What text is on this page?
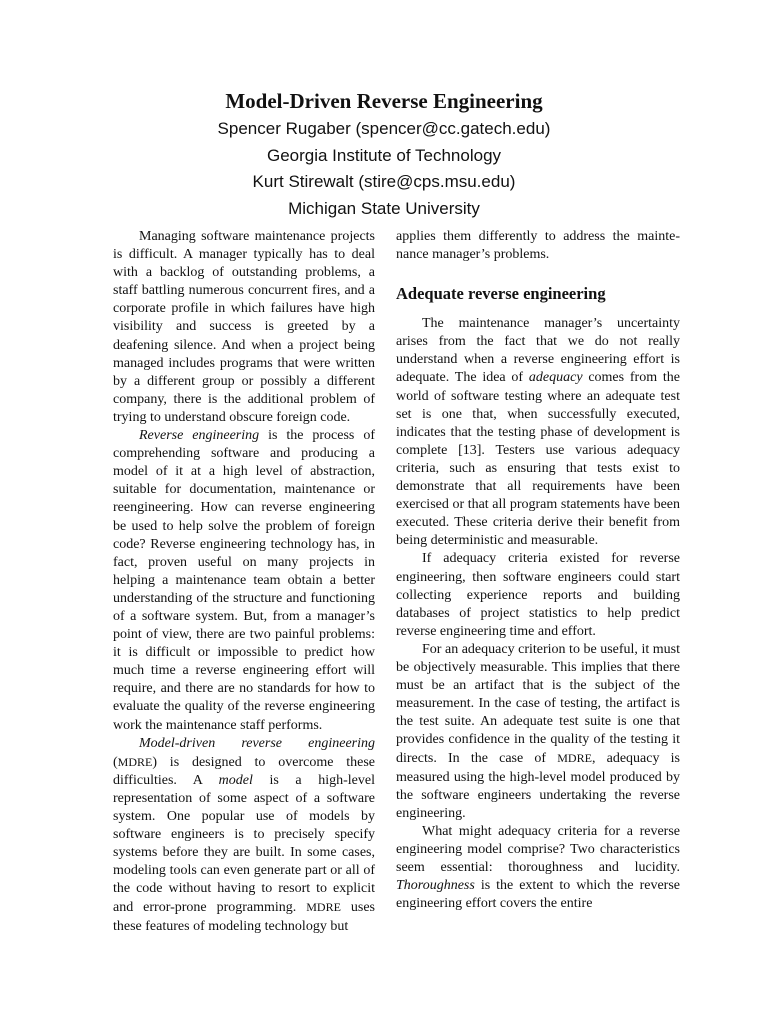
Model-Driven Reverse Engineering

Spencer Rugaber (spencer@cc.gatech.edu)

Georgia Institute of Technology

Kurt Stirewalt (stire@cps.msu.edu)

Michigan State University

Managing software maintenance projects is difficult. A manager typically has to deal with a backlog of outstanding problems, a staff battling numerous concurrent fires, and a corporate profile in which failures have high visibility and success is greeted by a deafening silence. And when a project being managed includes programs that were written by a different group or possibly a different company, there is the additional problem of trying to understand obscure foreign code.

Reverse engineering is the process of comprehending software and producing a model of it at a high level of abstraction, suitable for documentation, maintenance or reengineering. How can reverse engineering be used to help solve the problem of foreign code? Reverse engineering technology has, in fact, proven useful on many projects in helping a maintenance team obtain a better understanding of the structure and functioning of a software system. But, from a manager’s point of view, there are two painful problems: it is difficult or impossible to predict how much time a reverse engineering effort will require, and there are no standards for how to evaluate the quality of the reverse engineering work the maintenance staff performs.

Model-driven reverse engineering (MDRE) is designed to overcome these difficulties. A model is a high-level representation of some aspect of a software system. One popular use of models by software engineers is to precisely specify systems before they are built. In some cases, modeling tools can even generate part or all of the code without having to resort to explicit and error-prone programming. MDRE uses these features of modeling technology but

applies them differently to address the maintenance manager’s problems.

Adequate reverse engineering

The maintenance manager’s uncertainty arises from the fact that we do not really understand when a reverse engineering effort is adequate. The idea of adequacy comes from the world of software testing where an adequate test set is one that, when successfully executed, indicates that the testing phase of development is complete [13]. Testers use various adequacy criteria, such as ensuring that tests exist to demonstrate that all requirements have been exercised or that all program statements have been executed. These criteria derive their benefit from being deterministic and measurable.

If adequacy criteria existed for reverse engineering, then software engineers could start collecting experience reports and building databases of project statistics to help predict reverse engineering time and effort.

For an adequacy criterion to be useful, it must be objectively measurable. This implies that there must be an artifact that is the subject of the measurement. In the case of testing, the artifact is the test suite. An adequate test suite is one that provides confidence in the quality of the testing it directs. In the case of MDRE, adequacy is measured using the high-level model produced by the software engineers undertaking the reverse engineering.

What might adequacy criteria for a reverse engineering model comprise? Two characteristics seem essential: thoroughness and lucidity. Thoroughness is the extent to which the reverse engineering effort covers the entire
